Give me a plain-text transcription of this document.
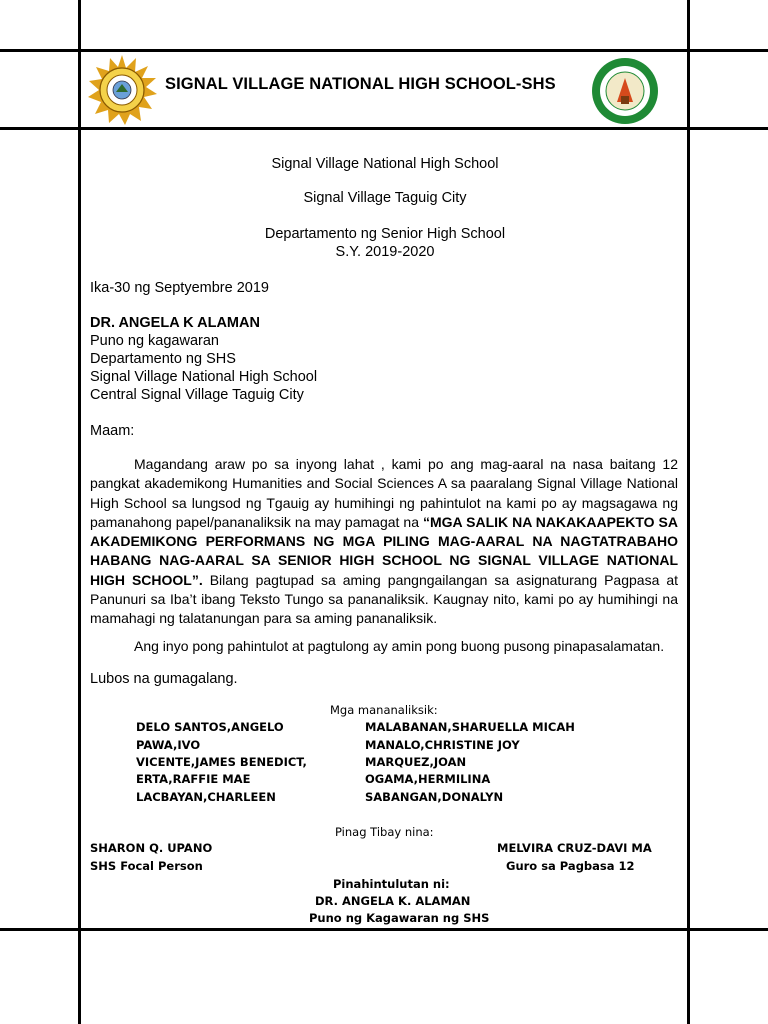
SIGNAL VILLAGE NATIONAL HIGH SCHOOL-SHS
Signal Village National High School
Signal Village Taguig City
Departamento ng Senior High School
S.Y. 2019-2020
Ika-30 ng Septyembre 2019
DR. ANGELA K ALAMAN
Puno ng kagawaran
Departamento ng SHS
Signal Village National High School
Central Signal Village Taguig City
Maam:
Magandang araw po sa inyong lahat , kami po ang mag-aaral na nasa baitang 12 pangkat akademikong Humanities and Social Sciences A sa paaralang Signal Village National High School sa lungsod ng Tgauig ay humihingi ng pahintulot na kami po ay magsagawa ng pamanahong papel/pananaliksik na may pamagat na “MGA SALIK NA NAKAKAAPEKTO SA AKADEMIKONG PERFORMANS NG MGA PILING MAG-AARAL NA NAGTATRABAHO HABANG NAG-AARAL SA SENIOR HIGH SCHOOL NG SIGNAL VILLAGE NATIONAL HIGH SCHOOL”. Bilang pagtupad sa aming pangngailangan sa asignaturang Pagpasa at Panunuri sa Iba’t ibang Teksto Tungo sa pananaliksik. Kaugnay nito, kami po ay humihingi na mamahagi ng talatanungan para sa aming pananaliksik.
Ang inyo pong pahintulot at pagtulong ay amin pong buong pusong pinapasalamatan.
Lubos na gumagalang.
Mga mananaliksik:
DELO SANTOS,ANGELO
PAWA,IVO
VICENTE,JAMES BENEDICT,
ERTA,RAFFIE MAE
LACBAYAN,CHARLEEN
MALABANAN,SHARUELLA MICAH
MANALO,CHRISTINE JOY
MARQUEZ,JOAN
OGAMA,HERMILINA
SABANGAN,DONALYN
Pinag Tibay nina:
SHARON Q. UPANO
SHS Focal Person
MELVIRA CRUZ-DAVI MA
Guro sa Pagbasa 12
Pinahintulutan ni:
DR. ANGELA K. ALAMAN
Puno ng Kagawaran ng SHS
